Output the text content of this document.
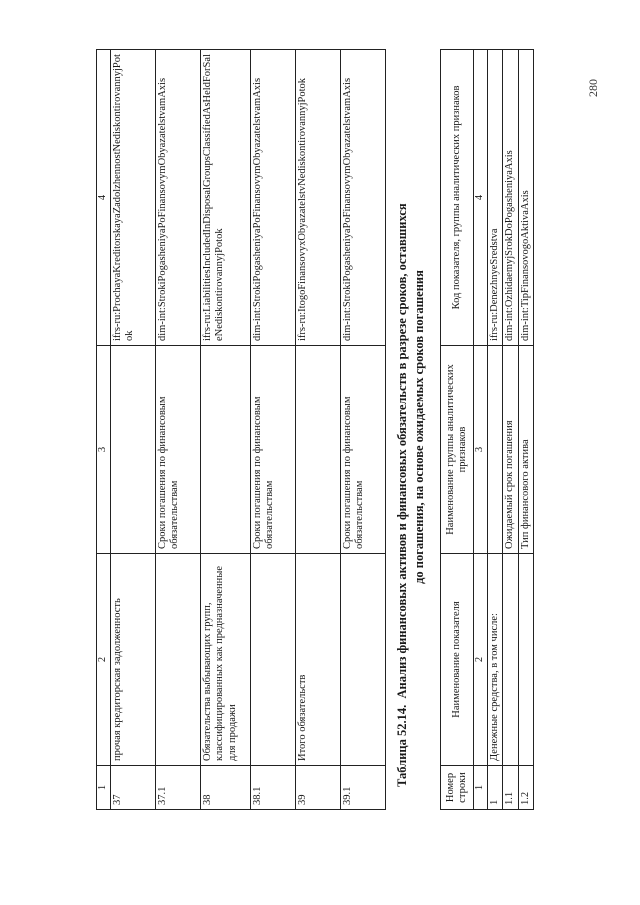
280
1	2	3	4
37	прочая кредиторская задолженность		ifrs-ru:ProchayaKreditorskayaZadolzhennostNediskontirovannyjPotok
37.1		Сроки погашения по финансовым обязательствам	dim-int:StrokiPogasheniyaPoFinansovymObyazatelstvamAxis
38	Обязательства выбывающих групп, классифицированных как предназначенные для продажи		ifrs-ru:LiabilitiesIncludedInDisposalGroupsClassifiedAsHeldForSaleNediskontirovannyjPotok
38.1		Сроки погашения по финансовым обязательствам	dim-int:StrokiPogasheniyaPoFinansovymObyazatelstvamAxis
39	Итого обязательств		ifrs-ru:ItogoFinansovyxObyazatelstvNediskontirovannyjPotok
39.1		Сроки погашения по финансовым обязательствам	dim-int:StrokiPogasheniyaPoFinansovymObyazatelstvamAxis
Таблица 52.14.  Анализ финансовых активов и финансовых обязательств в разрезе сроков, оставшихся до погашения, на основе ожидаемых сроков погашения
Номер строки	Наименование показателя	Наименование группы аналитических признаков	Код показателя, группы аналитических признаков
1	2	3	4
1	Денежные средства, в том числе:		ifrs-ru:DenezhnyeSredstva
1.1		Ожидаемый срок погашения	dim-int:OzhidaemyjSrokDoPogasheniyaAxis
1.2		Тип финансового актива	dim-int:TipFinansovogoAktivaAxis
